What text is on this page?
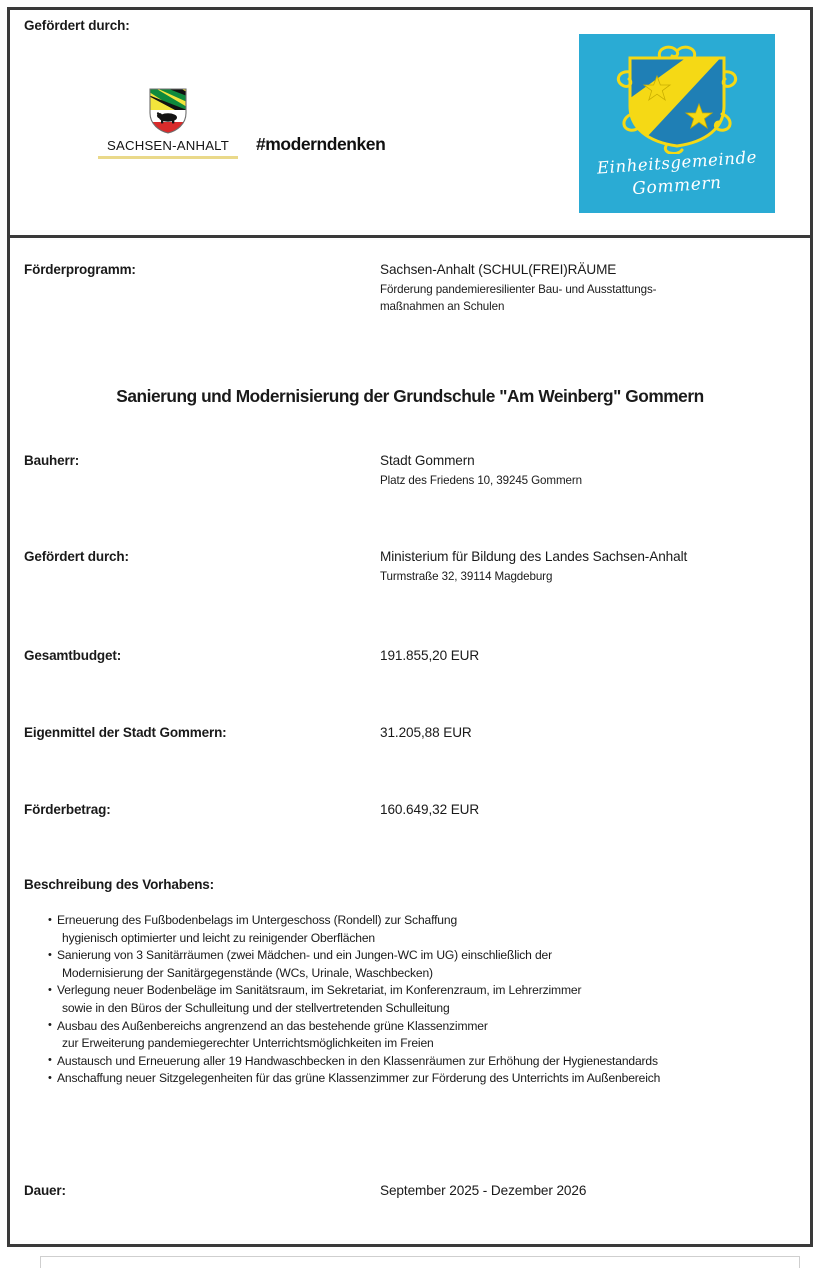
Gefördert durch:
SACHSEN-ANHALT	#moderndenken
Einheitsgemeinde
Gommern
Förderprogramm:	Sachsen-Anhalt (SCHUL(FREI)RÄUME
Förderung pandemieresilienter Bau- und Ausstattungs-
maßnahmen an Schulen
Sanierung und Modernisierung der Grundschule "Am Weinberg" Gommern
Bauherr:	Stadt Gommern
Platz des Friedens 10, 39245 Gommern
Gefördert durch:	Ministerium für Bildung des Landes Sachsen-Anhalt
Turmstraße 32, 39114 Magdeburg
Gesamtbudget:	191.855,20 EUR
Eigenmittel der Stadt Gommern:	31.205,88 EUR
Förderbetrag:	160.649,32 EUR
Beschreibung des Vorhabens:
• Erneuerung des Fußbodenbelags im Untergeschoss (Rondell) zur Schaffung
hygienisch optimierter und leicht zu reinigender Oberflächen
• Sanierung von 3 Sanitärräumen (zwei Mädchen- und ein Jungen-WC im UG) einschließlich der
Modernisierung der Sanitärgegenstände (WCs, Urinale, Waschbecken)
• Verlegung neuer Bodenbeläge im Sanitätsraum, im Sekretariat, im Konferenzraum, im Lehrerzimmer
sowie in den Büros der Schulleitung und der stellvertretenden Schulleitung
• Ausbau des Außenbereichs angrenzend an das bestehende grüne Klassenzimmer
zur Erweiterung pandemiegerechter Unterrichtsmöglichkeiten im Freien
• Austausch und Erneuerung aller 19 Handwaschbecken in den Klassenräumen zur Erhöhung der Hygienestandards
• Anschaffung neuer Sitzgelegenheiten für das grüne Klassenzimmer zur Förderung des Unterrichts im Außenbereich
Dauer:	September 2025 - Dezember 2026
